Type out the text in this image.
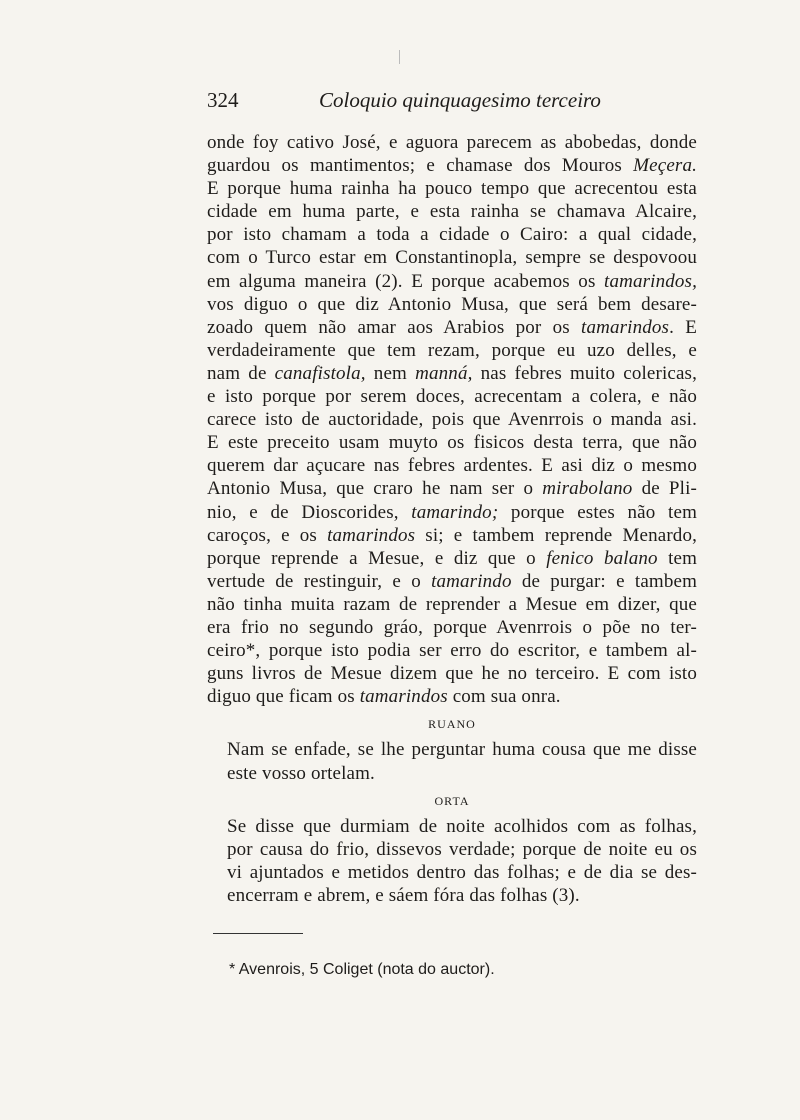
324	Coloquio quinquagesimo terceiro
onde foy cativo José, e aguora parecem as abobedas, donde
guardou os mantimentos; e chamase dos Mouros Meçera.
E porque huma rainha ha pouco tempo que acrecentou esta
cidade em huma parte, e esta rainha se chamava Alcaire,
por isto chamam a toda a cidade o Cairo: a qual cidade,
com o Turco estar em Constantinopla, sempre se despovoou
em alguma maneira (2). E porque acabemos os tamarindos,
vos diguo o que diz Antonio Musa, que será bem desare-
zoado quem não amar aos Arabios por os tamarindos. E
verdadeiramente que tem rezam, porque eu uzo delles, e
nam de canafistola, nem manná, nas febres muito colericas,
e isto porque por serem doces, acrecentam a colera, e não
carece isto de auctoridade, pois que Avenrrois o manda asi.
E este preceito usam muyto os fisicos desta terra, que não
querem dar açucare nas febres ardentes. E asi diz o mesmo
Antonio Musa, que craro he nam ser o mirabolano de Pli-
nio, e de Dioscorides, tamarindo; porque estes não tem
caroços, e os tamarindos si; e tambem reprende Menardo,
porque reprende a Mesue, e diz que o fenico balano tem
vertude de restinguir, e o tamarindo de purgar: e tambem
não tinha muita razam de reprender a Mesue em dizer, que
era frio no segundo gráo, porque Avenrrois o põe no ter-
ceiro*, porque isto podia ser erro do escritor, e tambem al-
guns livros de Mesue dizem que he no terceiro. E com isto
diguo que ficam os tamarindos com sua onra.
RUANO
Nam se enfade, se lhe perguntar huma cousa que me disse
este vosso ortelam.
ORTA
Se disse que durmiam de noite acolhidos com as folhas,
por causa do frio, dissevos verdade; porque de noite eu os
vi ajuntados e metidos dentro das folhas; e de dia se des-
encerram e abrem, e sáem fóra das folhas (3).
* Avenrois, 5 Coliget (nota do auctor).
